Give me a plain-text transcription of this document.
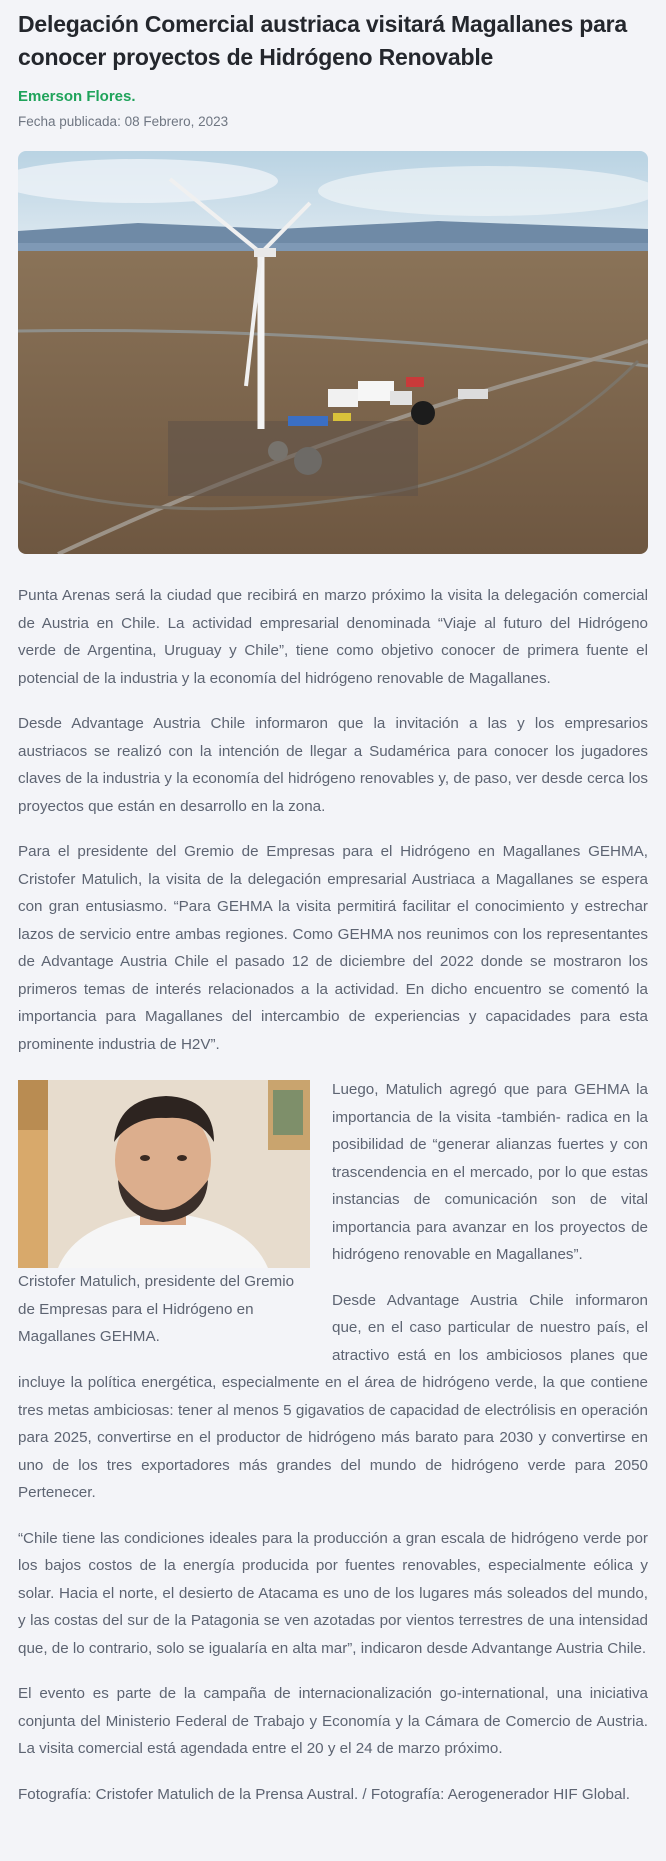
Delegación Comercial austriaca visitará Magallanes para conocer proyectos de Hidrógeno Renovable
Emerson Flores.
Fecha publicada: 08 Febrero, 2023

Punta Arenas será la ciudad que recibirá en marzo próximo la visita la delegación comercial de Austria en Chile. La actividad empresarial denominada “Viaje al futuro del Hidrógeno verde de Argentina, Uruguay y Chile”, tiene como objetivo conocer de primera fuente el potencial de la industria y la economía del hidrógeno renovable de Magallanes.

Desde Advantage Austria Chile informaron que la invitación a las y los empresarios austriacos se realizó con la intención de llegar a Sudamérica para conocer los jugadores claves de la industria y la economía del hidrógeno renovables y, de paso, ver desde cerca los proyectos que están en desarrollo en la zona.

Para el presidente del Gremio de Empresas para el Hidrógeno en Magallanes GEHMA, Cristofer Matulich, la visita de la delegación empresarial Austriaca a Magallanes se espera con gran entusiasmo. “Para GEHMA la visita permitirá facilitar el conocimiento y estrechar lazos de servicio entre ambas regiones. Como GEHMA nos reunimos con los representantes de Advantage Austria Chile el pasado 12 de diciembre del 2022 donde se mostraron los primeros temas de interés relacionados a la actividad. En dicho encuentro se comentó la importancia para Magallanes del intercambio de experiencias y capacidades para esta prominente industria de H2V”.

Cristofer Matulich, presidente del Gremio de Empresas para el Hidrógeno en Magallanes GEHMA.

Luego, Matulich agregó que para GEHMA la importancia de la visita -también- radica en la posibilidad de “generar alianzas fuertes y con trascendencia en el mercado, por lo que estas instancias de comunicación son de vital importancia para avanzar en los proyectos de hidrógeno renovable en Magallanes”.

Desde Advantage Austria Chile informaron que, en el caso particular de nuestro país, el atractivo está en los ambiciosos planes que incluye la política energética, especialmente en el área de hidrógeno verde, la que contiene tres metas ambiciosas: tener al menos 5 gigavatios de capacidad de electrólisis en operación para 2025, convertirse en el productor de hidrógeno más barato para 2030 y convertirse en uno de los tres exportadores más grandes del mundo de hidrógeno verde para 2050 Pertenecer.

“Chile tiene las condiciones ideales para la producción a gran escala de hidrógeno verde por los bajos costos de la energía producida por fuentes renovables, especialmente eólica y solar. Hacia el norte, el desierto de Atacama es uno de los lugares más soleados del mundo, y las costas del sur de la Patagonia se ven azotadas por vientos terrestres de una intensidad que, de lo contrario, solo se igualaría en alta mar”, indicaron desde Advantange Austria Chile.

El evento es parte de la campaña de internacionalización go-international, una iniciativa conjunta del Ministerio Federal de Trabajo y Economía y la Cámara de Comercio de Austria. La visita comercial está agendada entre el 20 y el 24 de marzo próximo.

Fotografía: Cristofer Matulich de la Prensa Austral. / Fotografía: Aerogenerador HIF Global.
